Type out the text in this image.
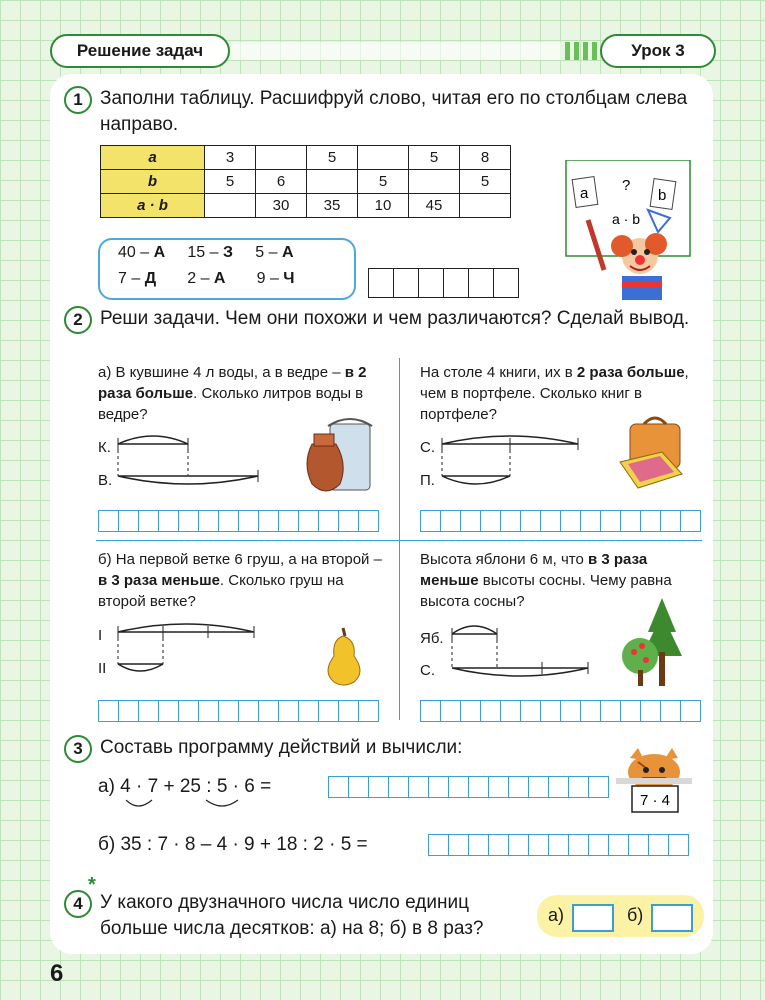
Решение задач	Урок 3
1 Заполни таблицу. Расшифруй слово, читая его по столбцам слева направо.
a	3		5		5	8
b	5	6		5		5
a · b		30	35	10	45	
40 – А 15 – З 5 – А
7 – Д 2 – А 9 – Ч
a ?
b
a · b
2 Реши задачи. Чем они похожи и чем различаются? Сделай вывод.
а) В кувшине 4 л воды, а в ведре – в 2 раза больше. Сколько литров воды в ведре?
К.
В.
На столе 4 книги, их в 2 раза больше, чем в портфеле. Сколько книг в портфеле?
С.
П.
б) На первой ветке 6 груш, а на второй – в 3 раза меньше. Сколько груш на второй ветке?
I
II
Высота яблони 6 м, что в 3 раза меньше высоты сосны. Чему равна высота сосны?
Яб.
С.
3 Составь программу действий и вычисли:
а) 4 · 7 + 25 : 5 · 6 =
7 · 4
б) 35 : 7 · 8 – 4 · 9 + 18 : 2 · 5 =
4
*
У какого двузначного числа число единиц больше числа десятков: а) на 8; б) в 8 раз?
а)	б)
6
